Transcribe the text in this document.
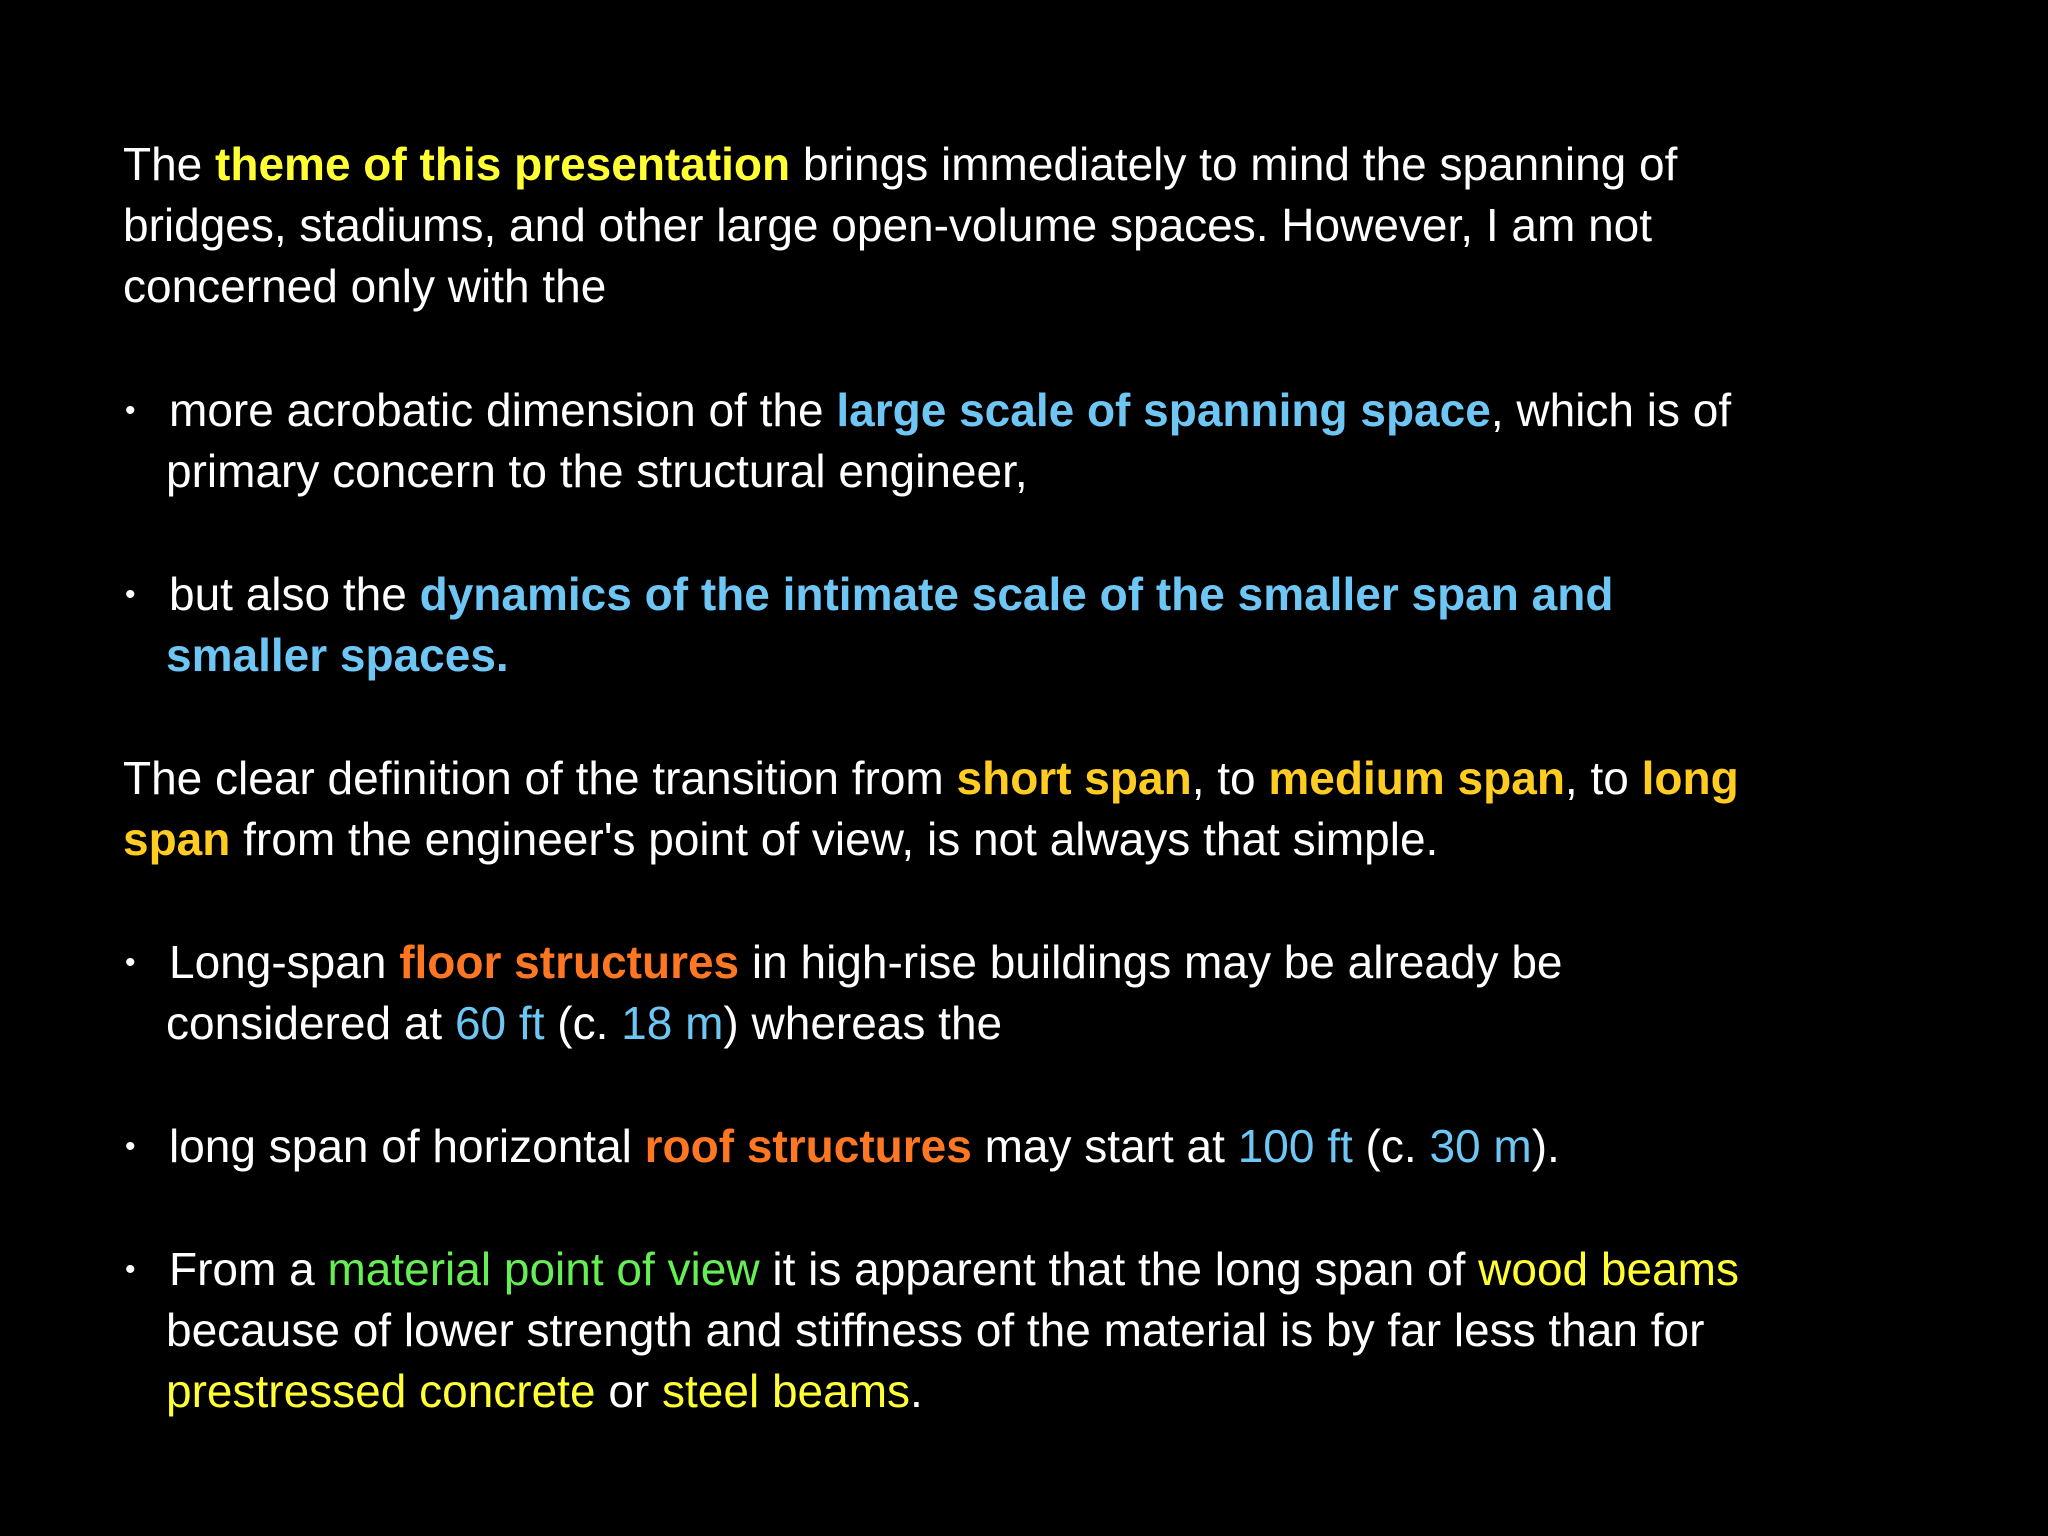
The theme of this presentation brings immediately to mind the spanning of
bridges, stadiums, and other large open-volume spaces. However, I am not
concerned only with the
• more acrobatic dimension of the large scale of spanning space, which is of
primary concern to the structural engineer,
• but also the dynamics of the intimate scale of the smaller span and
smaller spaces.
The clear definition of the transition from short span, to medium span, to long
span from the engineer's point of view, is not always that simple.
• Long-span floor structures in high-rise buildings may be already be
considered at 60 ft (c. 18 m) whereas the
• long span of horizontal roof structures may start at 100 ft (c. 30 m).
• From a material point of view it is apparent that the long span of wood beams
because of lower strength and stiffness of the material is by far less than for
prestressed concrete or steel beams.
